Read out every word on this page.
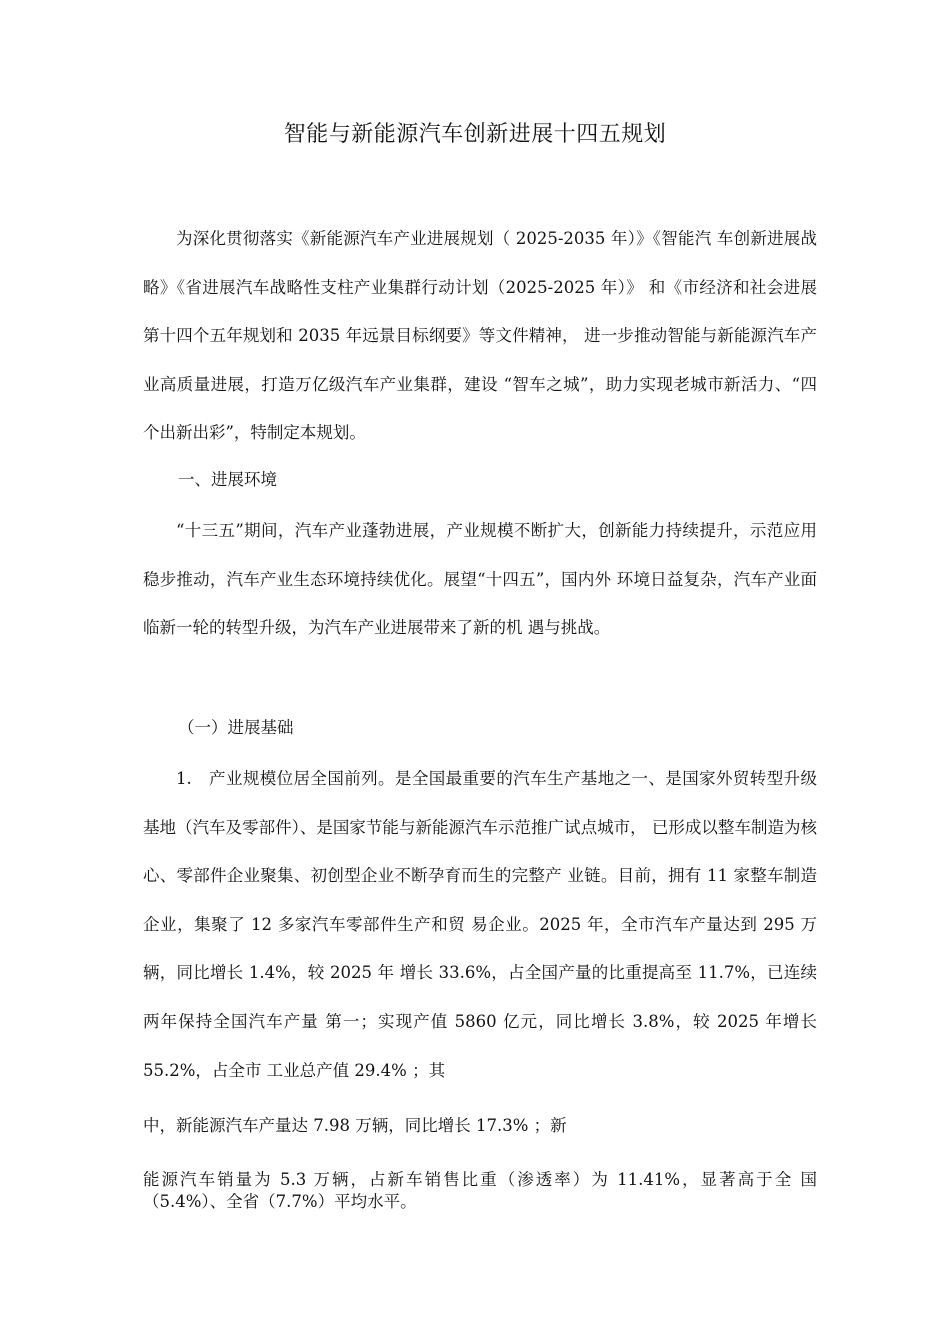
智能与新能源汽车创新进展十四五规划

为深化贯彻落实《新能源汽车产业进展规划（ 2025-2035 年）》《智能汽 车创新进展战略》《省进展汽车战略性支柱产业集群行动计划（2025-2025 年）》 和《市经济和社会进展第十四个五年规划和 2035 年远景目标纲要》等文件精神， 进一步推动智能与新能源汽车产业高质量进展，打造万亿级汽车产业集群，建设 “智车之城”，助力实现老城市新活力、“四个出新出彩”，特制定本规划。

一、进展环境

“十三五”期间，汽车产业蓬勃进展，产业规模不断扩大，创新能力持续提升，示范应用稳步推动，汽车产业生态环境持续优化。展望“十四五”，国内外 环境日益复杂，汽车产业面临新一轮的转型升级，为汽车产业进展带来了新的机 遇与挑战。

（一）进展基础

1.　产业规模位居全国前列。是全国最重要的汽车生产基地之一、是国家外贸转型升级基地（汽车及零部件）、是国家节能与新能源汽车示范推广试点城市， 已形成以整车制造为核心、零部件企业聚集、初创型企业不断孕育而生的完整产 业链。目前，拥有 11 家整车制造企业，集聚了 12 多家汽车零部件生产和贸 易企业。2025 年，全市汽车产量达到 295 万辆，同比增长 1.4%，较 2025 年 增长 33.6%，占全国产量的比重提高至 11.7%，已连续两年保持全国汽车产量 第一；实现产值 5860 亿元，同比增长 3.8%，较 2025 年增长 55.2%，占全市 工业总产值 29.4% ；其

中，新能源汽车产量达 7.98 万辆，同比增长 17.3% ；新

能源汽车销量为 5.3 万辆，占新车销售比重（渗透率）为 11.41%，显著高于全 国（5.4%）、全省（7.7%）平均水平。
